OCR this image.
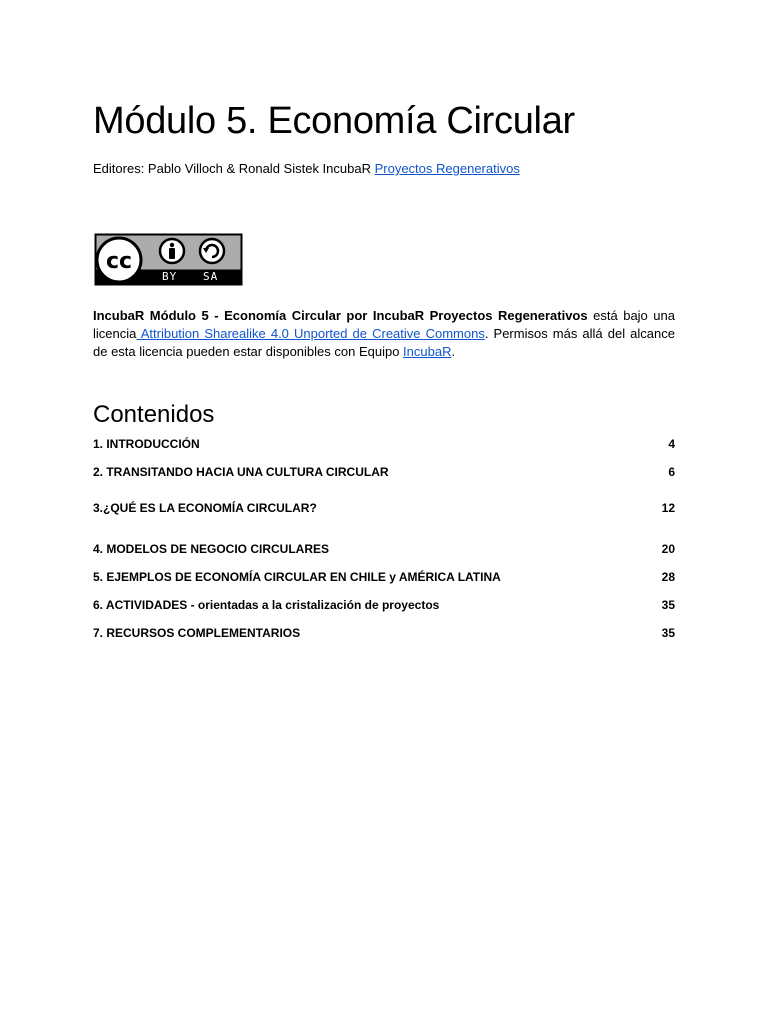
Módulo 5. Economía Circular
Editores: Pablo Villoch & Ronald Sistek IncubaR Proyectos Regenerativos
cc
BY SA
IncubaR Módulo 5 - Economía Circular por IncubaR Proyectos Regenerativos está bajo una licencia Attribution Sharealike 4.0 Unported de Creative Commons. Permisos más allá del alcance de esta licencia pueden estar disponibles con Equipo IncubaR.
Contenidos
1. INTRODUCCIÓN	4
2. TRANSITANDO HACIA UNA CULTURA CIRCULAR	6
3.¿QUÉ ES LA ECONOMÍA CIRCULAR?	12
4. MODELOS DE NEGOCIO CIRCULARES	20
5. EJEMPLOS DE ECONOMÍA CIRCULAR EN CHILE y AMÉRICA LATINA	28
6. ACTIVIDADES - orientadas a la cristalización de proyectos	35
7. RECURSOS COMPLEMENTARIOS	35
